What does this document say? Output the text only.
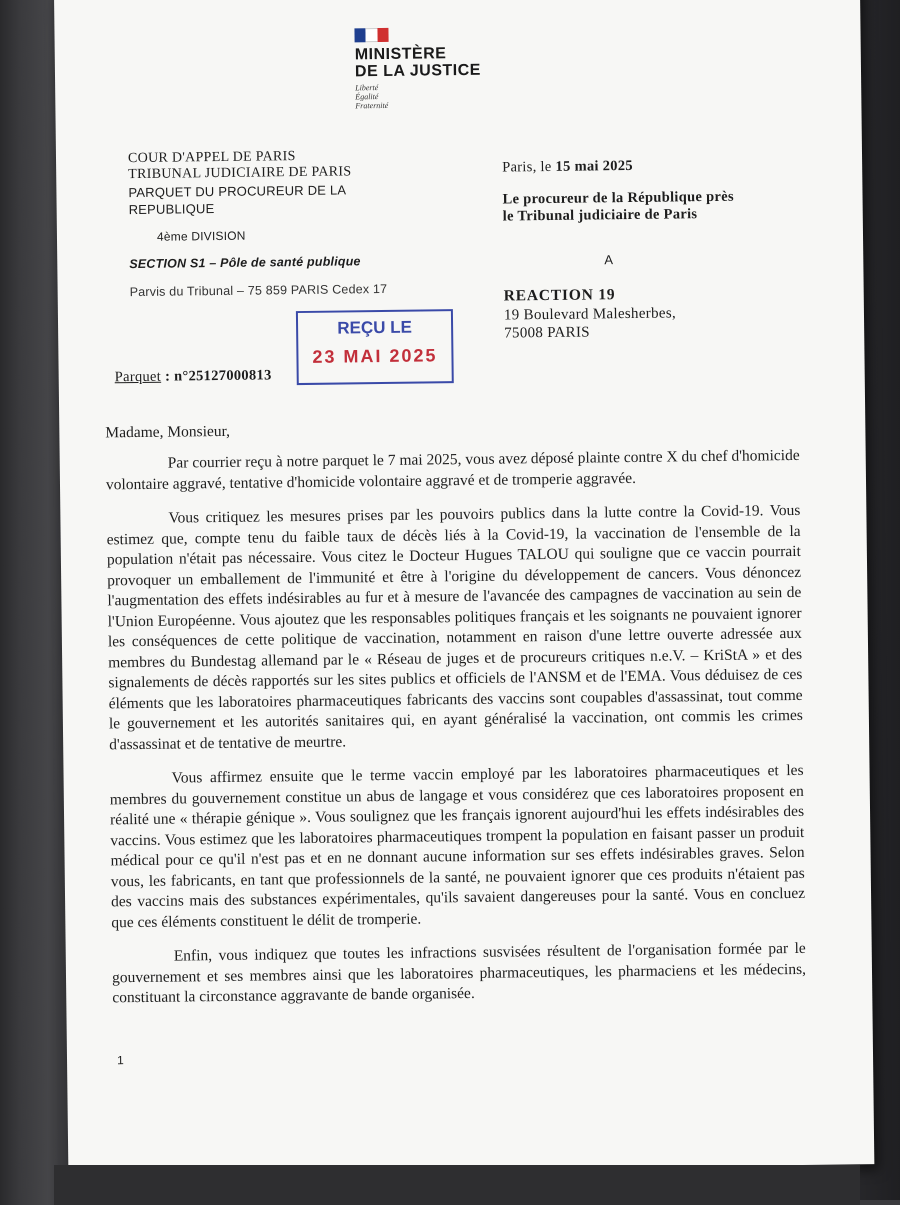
MINISTÈRE
DE LA JUSTICE
Liberté
Égalité
Fraternité
COUR D'APPEL DE PARIS
TRIBUNAL JUDICIAIRE DE PARIS
PARQUET DU PROCUREUR DE LA
REPUBLIQUE
4ème DIVISION
SECTION S1 – Pôle de santé publique
Parvis du Tribunal – 75 859 PARIS Cedex 17
Paris, le 15 mai 2025
Le procureur de la République près
le Tribunal judiciaire de Paris
A
REACTION 19
19 Boulevard Malesherbes,
75008 PARIS
REÇU LE
23 MAI 2025
Parquet : n°25127000813
Madame, Monsieur,

Par courrier reçu à notre parquet le 7 mai 2025, vous avez déposé plainte contre X du chef d'homicide volontaire aggravé, tentative d'homicide volontaire aggravé et de tromperie aggravée.

Vous critiquez les mesures prises par les pouvoirs publics dans la lutte contre la Covid-19. Vous estimez que, compte tenu du faible taux de décès liés à la Covid-19, la vaccination de l'ensemble de la population n'était pas nécessaire. Vous citez le Docteur Hugues TALOU qui souligne que ce vaccin pourrait provoquer un emballement de l'immunité et être à l'origine du développement de cancers. Vous dénoncez l'augmentation des effets indésirables au fur et à mesure de l'avancée des campagnes de vaccination au sein de l'Union Européenne. Vous ajoutez que les responsables politiques français et les soignants ne pouvaient ignorer les conséquences de cette politique de vaccination, notamment en raison d'une lettre ouverte adressée aux membres du Bundestag allemand par le « Réseau de juges et de procureurs critiques n.e.V. – KriStA » et des signalements de décès rapportés sur les sites publics et officiels de l'ANSM et de l'EMA. Vous déduisez de ces éléments que les laboratoires pharmaceutiques fabricants des vaccins sont coupables d'assassinat, tout comme le gouvernement et les autorités sanitaires qui, en ayant généralisé la vaccination, ont commis les crimes d'assassinat et de tentative de meurtre.

Vous affirmez ensuite que le terme vaccin employé par les laboratoires pharmaceutiques et les membres du gouvernement constitue un abus de langage et vous considérez que ces laboratoires proposent en réalité une « thérapie génique ». Vous soulignez que les français ignorent aujourd'hui les effets indésirables des vaccins. Vous estimez que les laboratoires pharmaceutiques trompent la population en faisant passer un produit médical pour ce qu'il n'est pas et en ne donnant aucune information sur ses effets indésirables graves. Selon vous, les fabricants, en tant que professionnels de la santé, ne pouvaient ignorer que ces produits n'étaient pas des vaccins mais des substances expérimentales, qu'ils savaient dangereuses pour la santé. Vous en concluez que ces éléments constituent le délit de tromperie.

Enfin, vous indiquez que toutes les infractions susvisées résultent de l'organisation formée par le gouvernement et ses membres ainsi que les laboratoires pharmaceutiques, les pharmaciens et les médecins, constituant la circonstance aggravante de bande organisée.

1
